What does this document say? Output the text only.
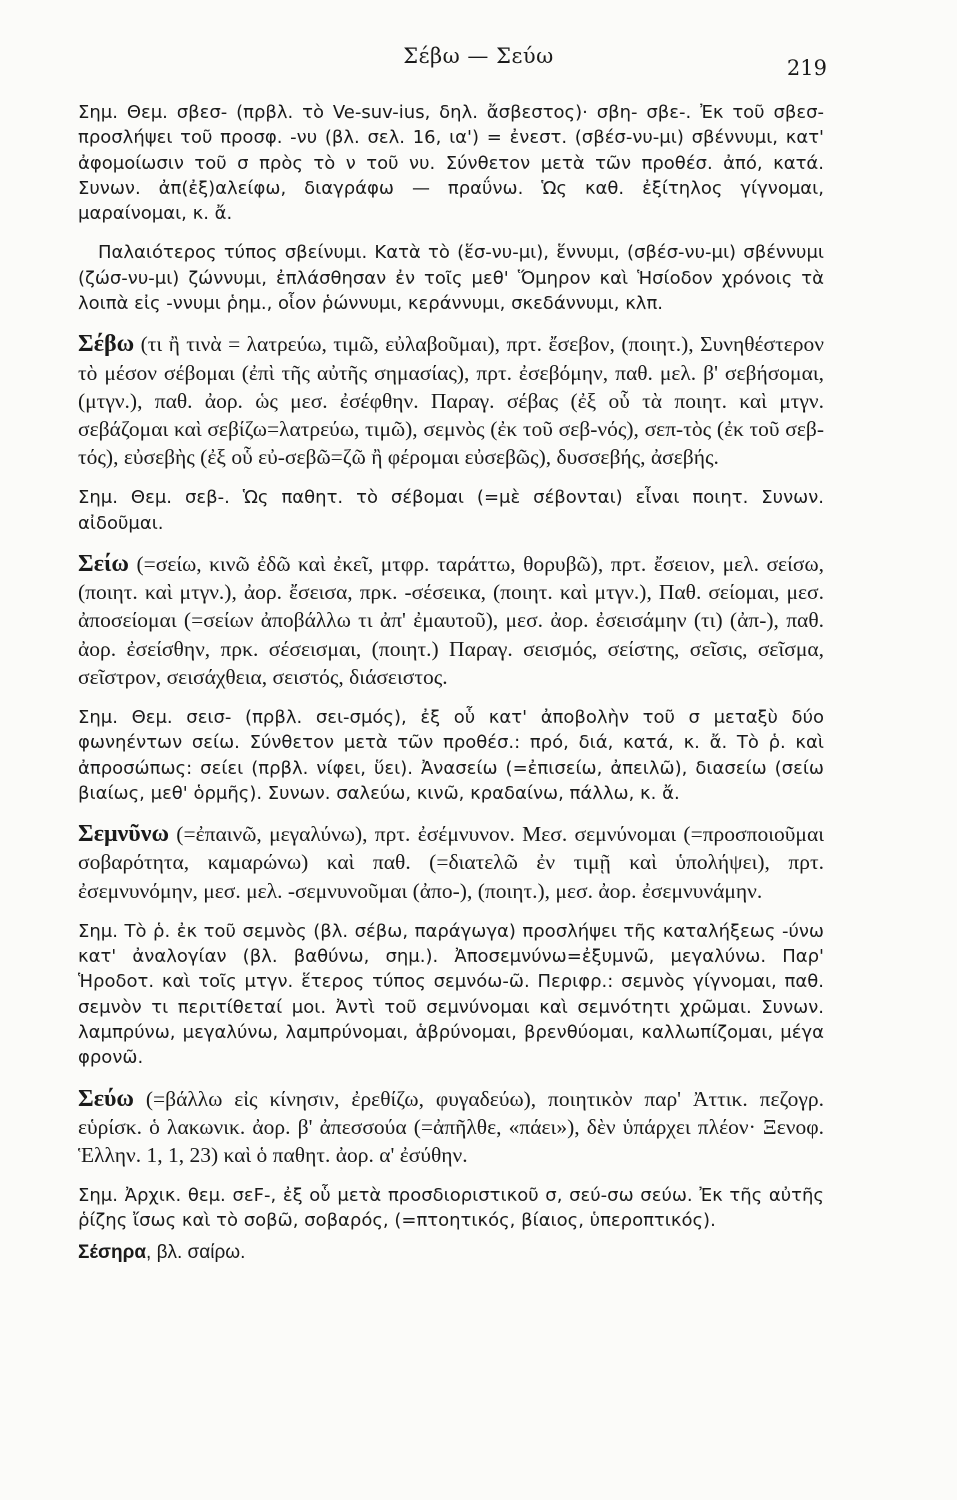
Σέβω — Σεύω	219

Σημ. Θεμ. σβεσ- (πρβλ. τὸ Ve-suv-ius, δηλ. ἄσβεστος)· σβη- σβε-. Ἐκ τοῦ σβεσ- προσλήψει τοῦ προσφ. -νυ (βλ. σελ. 16, ια') = ἐνεστ. (σβέσ-νυ-μι) σβέννυμι, κατ' ἀφομοίωσιν τοῦ σ πρὸς τὸ ν τοῦ νυ. Σύνθετον μετὰ τῶν προθέσ. ἀπό, κατά. Συνων. ἀπ(ἐξ)αλείφω, διαγράφω — πραΰνω. Ὡς καθ. ἐξίτηλος γίγνομαι, μαραίνομαι, κ. ἄ.

Παλαιότερος τύπος σβείνυμι. Κατὰ τὸ (ἕσ-νυ-μι), ἕννυμι, (σβέσ-νυ-μι) σβέννυμι (ζώσ-νυ-μι) ζώννυμι, ἐπλάσθησαν ἐν τοῖς μεθ' Ὅμηρον καὶ Ἡσίοδον χρόνοις τὰ λοιπὰ εἰς -ννυμι ῥημ., οἷον ῥώννυμι, κεράννυμι, σκεδάννυμι, κλπ.

Σέβω (τι ἢ τινὰ = λατρεύω, τιμῶ, εὐλαβοῦμαι), πρτ. ἔσεβον, (ποιητ.), Συνηθέστερον τὸ μέσον σέβομαι (ἐπὶ τῆς αὐτῆς σημασίας), πρτ. ἐσεβόμην, παθ. μελ. β' σεβήσομαι, (μτγν.), παθ. ἀορ. ὡς μεσ. ἐσέφθην. Παραγ. σέβας (ἐξ οὗ τὰ ποιητ. καὶ μτγν. σεβάζομαι καὶ σεβίζω=λατρεύω, τιμῶ), σεμνὸς (ἐκ τοῦ σεβ-νός), σεπ-τὸς (ἐκ τοῦ σεβ-τός), εὐσεβὴς (ἐξ οὗ εὐ-σεβῶ=ζῶ ἢ φέρομαι εὐσεβῶς), δυσσεβής, ἀσεβής.

Σημ. Θεμ. σεβ-. Ὡς παθητ. τὸ σέβομαι (=μὲ σέβονται) εἶναι ποιητ. Συνων. αἰδοῦμαι.

Σείω (=σείω, κινῶ ἐδῶ καὶ ἐκεῖ, μτφρ. ταράττω, θορυβῶ), πρτ. ἔσειον, μελ. σείσω, (ποιητ. καὶ μτγν.), ἀορ. ἔσεισα, πρκ. -σέσεικα, (ποιητ. καὶ μτγν.), Παθ. σείομαι, μεσ. ἀποσείομαι (=σείων ἀποβάλλω τι ἀπ' ἐμαυτοῦ), μεσ. ἀορ. ἐσεισάμην (τι) (ἀπ-), παθ. ἀορ. ἐσείσθην, πρκ. σέσεισμαι, (ποιητ.) Παραγ. σεισμός, σείστης, σεῖσις, σεῖσμα, σεῖστρον, σεισάχθεια, σειστός, διάσειστος.

Σημ. Θεμ. σεισ- (πρβλ. σει-σμός), ἐξ οὗ κατ' ἀποβολὴν τοῦ σ μεταξὺ δύο φωνηέντων σείω. Σύνθετον μετὰ τῶν προθέσ.: πρό, διά, κατά, κ. ἄ. Τὸ ῥ. καὶ ἀπροσώπως: σείει (πρβλ. νίφει, ὕει). Ἀνασείω (=ἐπισείω, ἀπειλῶ), διασείω (σείω βιαίως, μεθ' ὁρμῆς). Συνων. σαλεύω, κινῶ, κραδαίνω, πάλλω, κ. ἄ.

Σεμνῦνω (=ἐπαινῶ, μεγαλύνω), πρτ. ἐσέμνυνον. Μεσ. σεμνύνομαι (=προσποιοῦμαι σοβαρότητα, καμαρώνω) καὶ παθ. (=διατελῶ ἐν τιμῇ καὶ ὑπολήψει), πρτ. ἐσεμνυνόμην, μεσ. μελ. -σεμνυνοῦμαι (ἀπο-), (ποιητ.), μεσ. ἀορ. ἐσεμνυνάμην.

Σημ. Τὸ ῥ. ἐκ τοῦ σεμνὸς (βλ. σέβω, παράγωγα) προσλήψει τῆς καταλήξεως -ύνω κατ' ἀναλογίαν (βλ. βαθύνω, σημ.). Ἀποσεμνύνω=ἐξυμνῶ, μεγαλύνω. Παρ' Ἡροδοτ. καὶ τοῖς μτγν. ἕτερος τύπος σεμνόω-ῶ. Περιφρ.: σεμνὸς γίγνομαι, παθ. σεμνὸν τι περιτίθεταί μοι. Ἀντὶ τοῦ σεμνύνομαι καὶ σεμνότητι χρῶμαι. Συνων. λαμπρύνω, μεγαλύνω, λαμπρύνομαι, ἁβρύνομαι, βρενθύομαι, καλλωπίζομαι, μέγα φρονῶ.

Σεύω (=βάλλω εἰς κίνησιν, ἐρεθίζω, φυγαδεύω), ποιητικὸν παρ' Ἀττικ. πεζογρ. εὑρίσκ. ὁ λακωνικ. ἀορ. β' ἀπεσσούα (=ἀπῆλθε, «πάει»), δὲν ὑπάρχει πλέον· Ξενοφ. Ἑλλην. 1, 1, 23) καὶ ὁ παθητ. ἀορ. α' ἐσύθην.

Σημ. Ἀρχικ. θεμ. σεϜ-, ἐξ οὗ μετὰ προσδιοριστικοῦ σ, σεύ-σω σεύω. Ἐκ τῆς αὐτῆς ῥίζης ἴσως καὶ τὸ σοβῶ, σοβαρός, (=πτοητικός, βίαιος, ὑπεροπτικός).

Σέσηρα, βλ. σαίρω.
